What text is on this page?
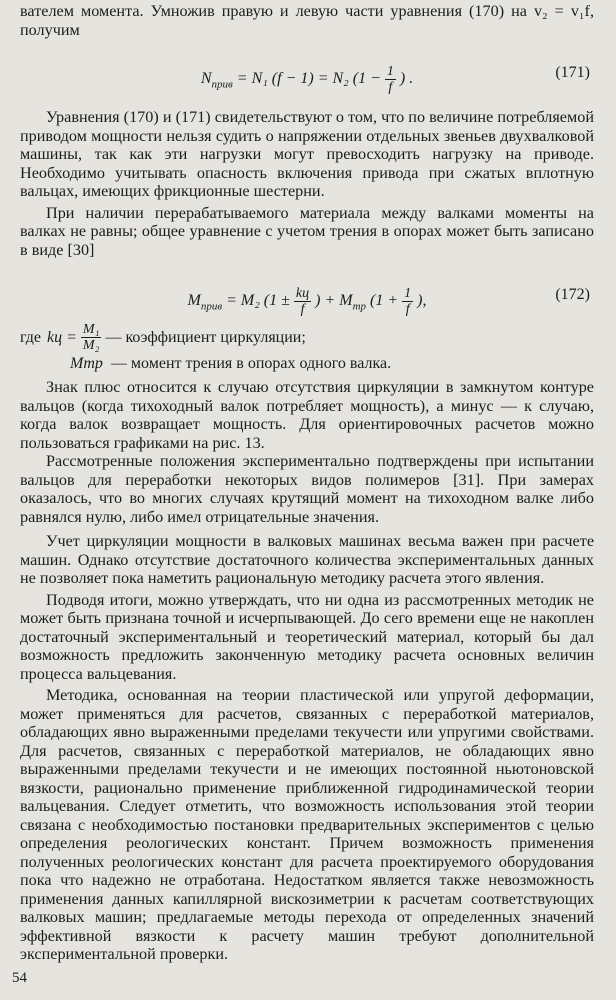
вателем момента. Умножив правую и левую части уравнения (170) на v₂ = v₁f, получим

$N_{прив} = N_1$ (f − 1) = N₂ ($1 - \frac{1}{f}$ ) .	(171)

Уравнения (170) и (171) свидетельствуют о том, что по величине потребляемой приводом мощности нельзя судить о напряжении отдельных звеньев двухвалковой машины, так как эти нагрузки могут превосходить нагрузку на приводе. Необходимо учитывать опасность включения привода при сжатых вплотную вальцах, имеющих фрикционные шестерни.

При наличии перерабатываемого материала между валками моменты на валках не равны; общее уравнение с учетом трения в опорах может быть записано в виде [30]

$M_{прив} = M_2$ ($1 \pm \frac{kц}{f}$ ) + $M_{тр}$ ($1 + \frac{1}{f}$ ),	(172)
где kц = $\frac{\text{M₁}}{\text{M₂}}$ — коэффициент циркуляции;
Mтр — момент трения в опорах одного валка.

Знак плюс относится к случаю отсутствия циркуляции в замкнутом контуре вальцов (когда тихоходный валок потребляет мощность), а минус — к случаю, когда валок возвращает мощность. Для ориентировочных расчетов можно пользоваться графиками на рис. 13.

Рассмотренные положения экспериментально подтверждены при испытании вальцов для переработки некоторых видов полимеров [31]. При замерах оказалось, что во многих случаях крутящий момент на тихоходном валке либо равнялся нулю, либо имел отрицательные значения.

Учет циркуляции мощности в валковых машинах весьма важен при расчете машин. Однако отсутствие достаточного количества экспериментальных данных не позволяет пока наметить рациональную методику расчета этого явления.

Подводя итоги, можно утверждать, что ни одна из рассмотренных методик не может быть признана точной и исчерпывающей. До сего времени еще не накоплен достаточный экспериментальный и теоретический материал, который бы дал возможность предложить законченную методику расчета основных величин процесса вальцевания.

Методика, основанная на теории пластической или упругой деформации, может применяться для расчетов, связанных с переработкой материалов, обладающих явно выраженными пределами текучести или упругими свойствами. Для расчетов, связанных с переработкой материалов, не обладающих явно выраженными пределами текучести и не имеющих постоянной ньютоновской вязкости, рационально применение приближенной гидродинамической теории вальцевания. Следует отметить, что возможность использования этой теории связана с необходимостью постановки предварительных экспериментов с целью определения реологических констант. Причем возможность применения полученных реологических констант для расчета проектируемого оборудования пока что надежно не отработана. Недостатком является также невозможность применения данных капиллярной вискозиметрии к расчетам соответствующих валковых машин; предлагаемые методы перехода от определенных значений эффективной вязкости к расчету машин требуют дополнительной экспериментальной проверки.

54
